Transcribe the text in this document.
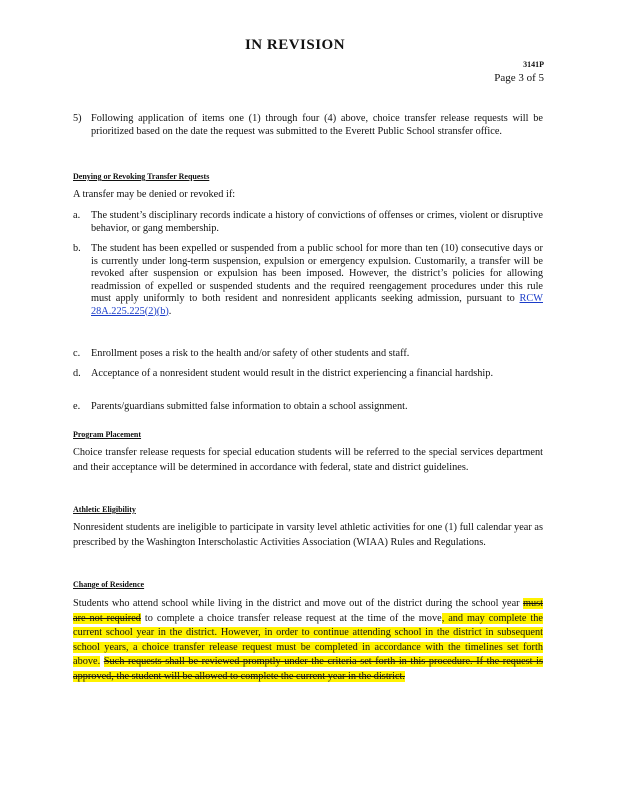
IN REVISION
3141P
Page 3 of 5
5) Following application of items one (1) through four (4) above, choice transfer release requests will be prioritized based on the date the request was submitted to the Everett Public School stransfer office.
Denying or Revoking Transfer Requests
A transfer may be denied or revoked if:
a. The student’s disciplinary records indicate a history of convictions of offenses or crimes, violent or disruptive behavior, or gang membership.
b. The student has been expelled or suspended from a public school for more than ten (10) consecutive days or is currently under long-term suspension, expulsion or emergency expulsion. Customarily, a transfer will be revoked after suspension or expulsion has been imposed. However, the district’s policies for allowing readmission of expelled or suspended students and the required reengagement procedures under this rule must apply uniformly to both resident and nonresident applicants seeking admission, pursuant to RCW 28A.225.225(2)(b).
c. Enrollment poses a risk to the health and/or safety of other students and staff.
d. Acceptance of a nonresident student would result in the district experiencing a financial hardship.
e. Parents/guardians submitted false information to obtain a school assignment.
Program Placement
Choice transfer release requests for special education students will be referred to the special services department and their acceptance will be determined in accordance with federal, state and district guidelines.
Athletic Eligibility
Nonresident students are ineligible to participate in varsity level athletic activities for one (1) full calendar year as prescribed by the Washington Interscholastic Activities Association (WIAA) Rules and Regulations.
Change of Residence
Students who attend school while living in the district and move out of the district during the school year must are not required to complete a choice transfer release request at the time of the move, and may complete the current school year in the district. However, in order to continue attending school in the district in subsequent school years, a choice transfer release request must be completed in accordance with the timelines set forth above. Such requests shall be reviewed promptly under the criteria set forth in this procedure. If the request is approved, the student will be allowed to complete the current year in the district.
